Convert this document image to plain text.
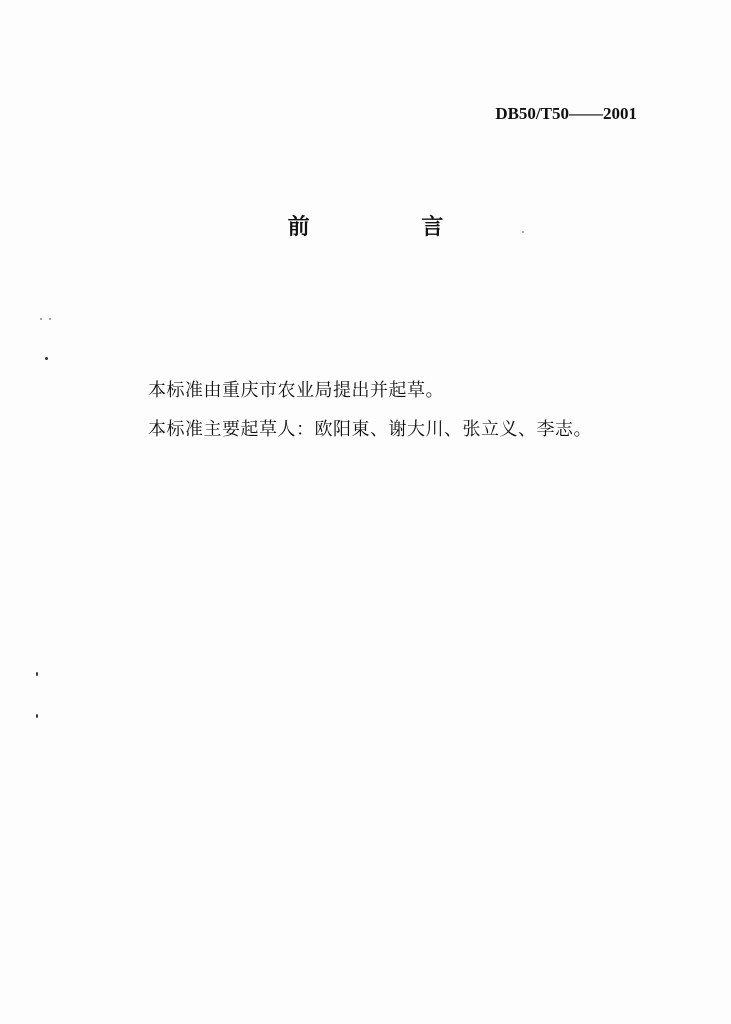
DB50/T50——2001
前 言

本标准由重庆市农业局提出并起草。

本标准主要起草人：欧阳東、谢大川、张立义、李志。
